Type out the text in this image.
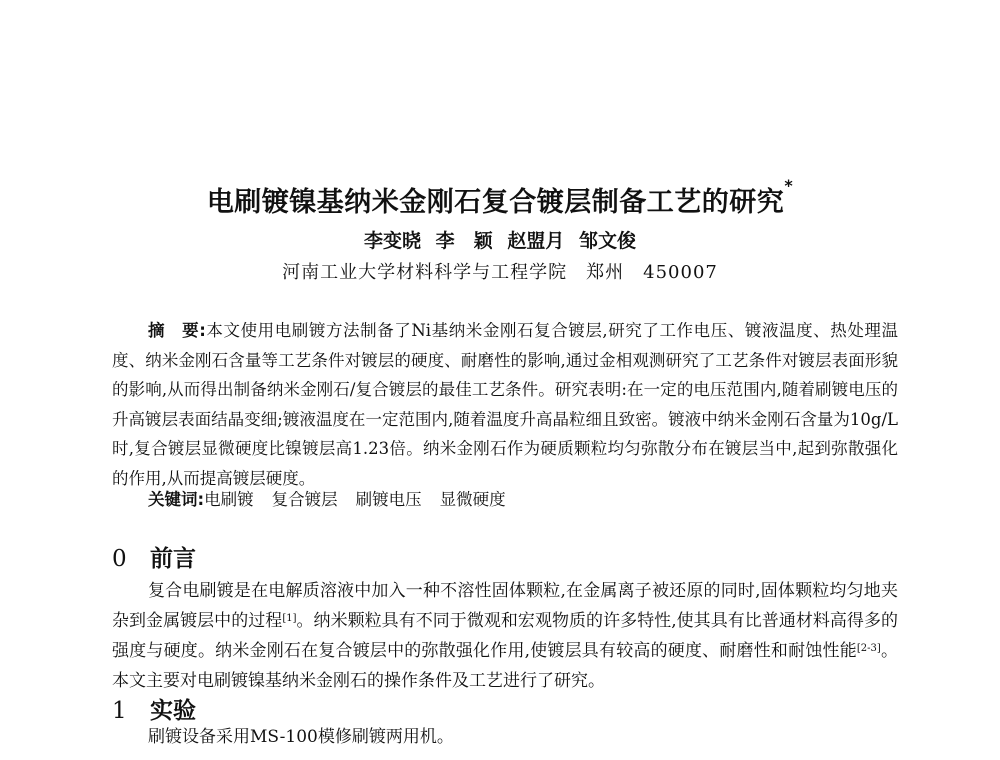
电刷镀镍基纳米金刚石复合镀层制备工艺的研究*
李变晓 李　颖 赵盟月 邹文俊
河南工业大学材料科学与工程学院　郑州　450007

摘　要:本文使用电刷镀方法制备了Ni基纳米金刚石复合镀层,研究了工作电压、镀液温度、热处理温度、纳米金刚石含量等工艺条件对镀层的硬度、耐磨性的影响,通过金相观测研究了工艺条件对镀层表面形貌的影响,从而得出制备纳米金刚石/复合镀层的最佳工艺条件。研究表明:在一定的电压范围内,随着刷镀电压的升高镀层表面结晶变细;镀液温度在一定范围内,随着温度升高晶粒细且致密。镀液中纳米金刚石含量为10g/L时,复合镀层显微硬度比镍镀层高1.23倍。纳米金刚石作为硬质颗粒均匀弥散分布在镀层当中,起到弥散强化的作用,从而提高镀层硬度。

关键词:电刷镀 复合镀层 刷镀电压 显微硬度
0 前言

复合电刷镀是在电解质溶液中加入一种不溶性固体颗粒,在金属离子被还原的同时,固体颗粒均匀地夹杂到金属镀层中的过程[1]。纳米颗粒具有不同于微观和宏观物质的许多特性,使其具有比普通材料高得多的强度与硬度。纳米金刚石在复合镀层中的弥散强化作用,使镀层具有较高的硬度、耐磨性和耐蚀性能[2-3]。本文主要对电刷镀镍基纳米金刚石的操作条件及工艺进行了研究。

1 实验

刷镀设备采用MS-100模修刷镀两用机。
